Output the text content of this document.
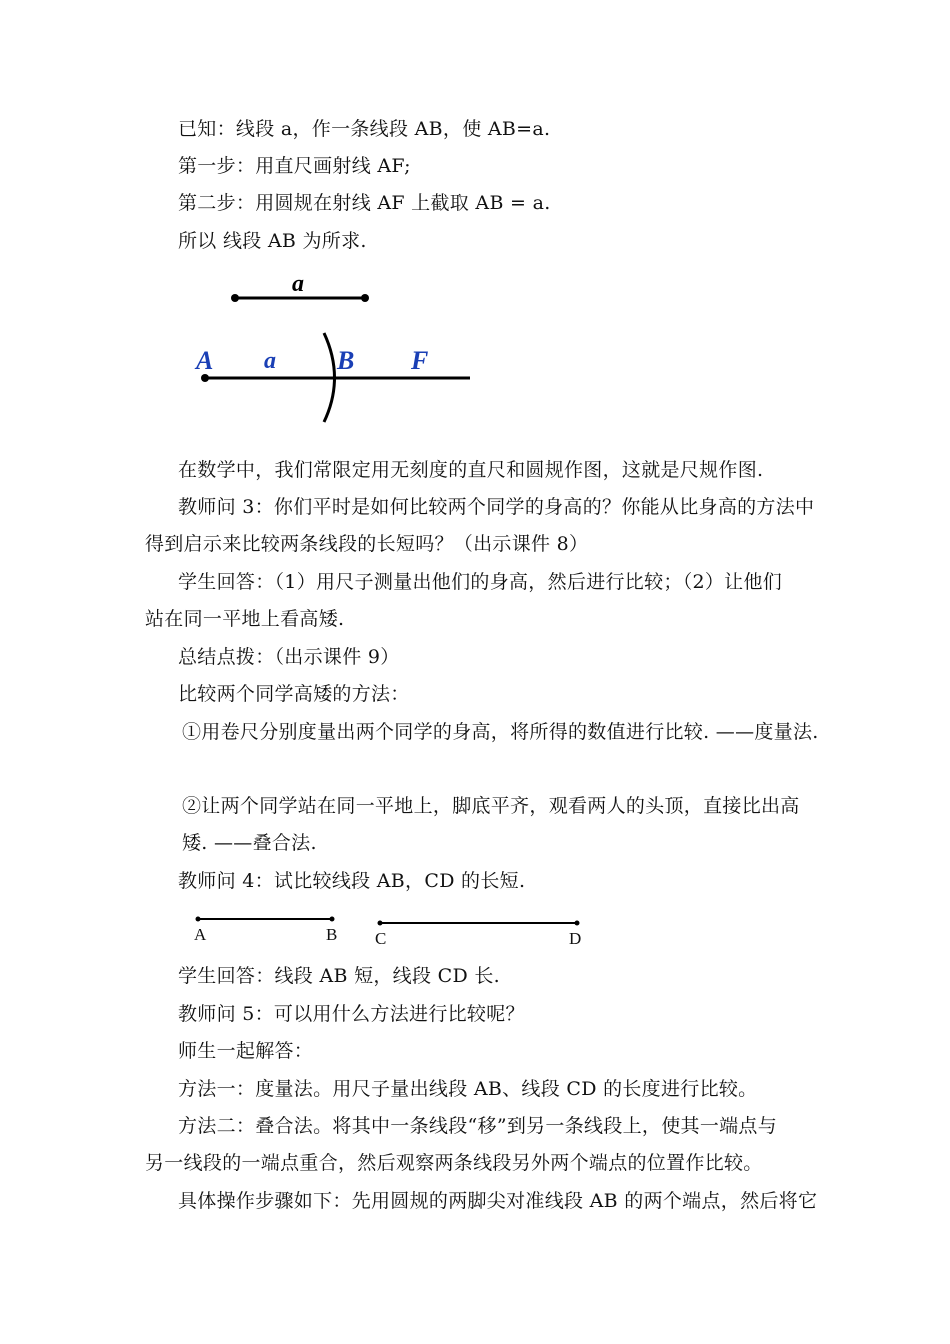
已知：线段 a，作一条线段 AB，使 AB=a.
第一步：用直尺画射线 AF;
第二步：用圆规在射线 AF 上截取 AB = a.
所以 线段 AB 为所求.
a
A a B F
在数学中，我们常限定用无刻度的直尺和圆规作图，这就是尺规作图.
教师问 3：你们平时是如何比较两个同学的身高的？你能从比身高的方法中
得到启示来比较两条线段的长短吗？（出示课件 8）
学生回答：（1）用尺子测量出他们的身高，然后进行比较；（2）让他们
站在同一平地上看高矮.
总结点拨：（出示课件 9）
比较两个同学高矮的方法：
①用卷尺分别度量出两个同学的身高，将所得的数值进行比较. ——度量法.
②让两个同学站在同一平地上，脚底平齐，观看两人的头顶，直接比出高
矮. ——叠合法.
教师问 4：试比较线段 AB，CD 的长短.
A	B C	D
学生回答：线段 AB 短，线段 CD 长.
教师问 5：可以用什么方法进行比较呢？
师生一起解答：
方法一：度量法。用尺子量出线段 AB、线段 CD 的长度进行比较。
方法二：叠合法。将其中一条线段“移”到另一条线段上，使其一端点与
另一线段的一端点重合，然后观察两条线段另外两个端点的位置作比较。
具体操作步骤如下：先用圆规的两脚尖对准线段 AB 的两个端点，然后将它
